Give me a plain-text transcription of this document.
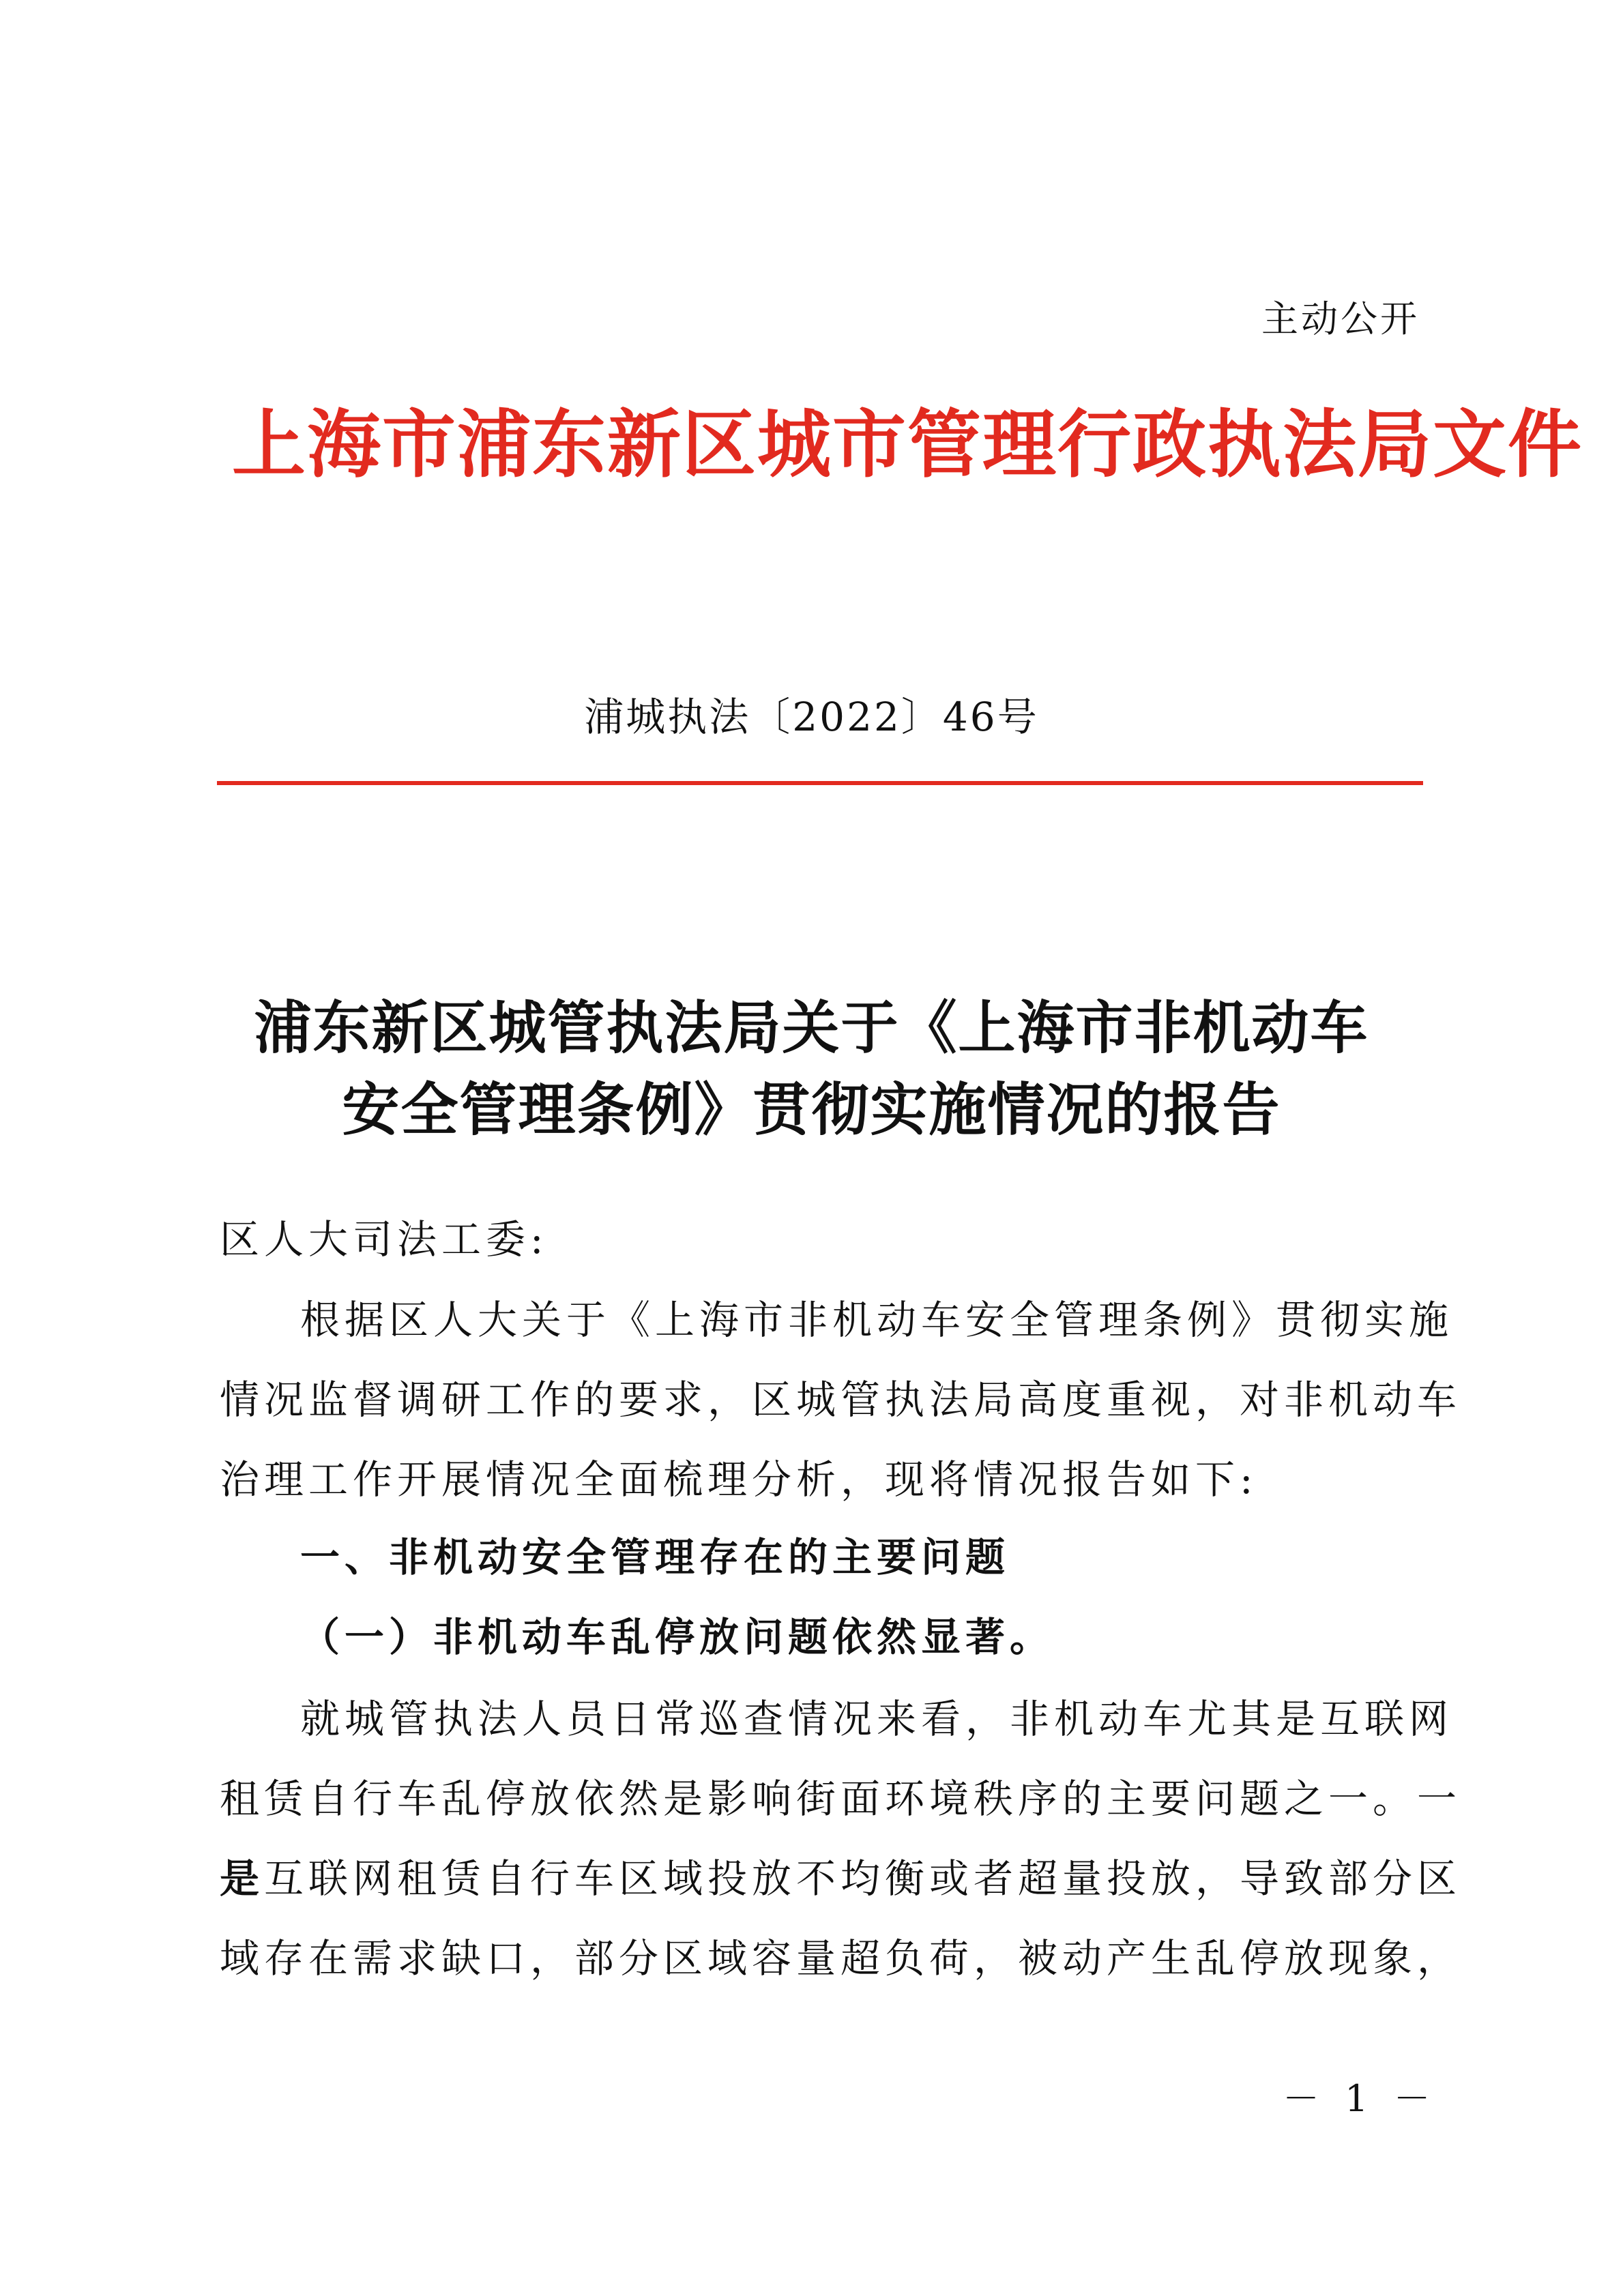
主动公开
上海市浦东新区城市管理行政执法局文件
浦城执法〔2022〕46号
浦东新区城管执法局关于《上海市非机动车
安全管理条例》贯彻实施情况的报告
区人大司法工委:
根据区人大关于《上海市非机动车安全管理条例》贯彻实施
情况监督调研工作的要求，区城管执法局高度重视，对非机动车
治理工作开展情况全面梳理分析，现将情况报告如下:
一、非机动安全管理存在的主要问题
（一）非机动车乱停放问题依然显著。
就城管执法人员日常巡查情况来看，非机动车尤其是互联网
租赁自行车乱停放依然是影响街面环境秩序的主要问题之一。一
是互联网租赁自行车区域投放不均衡或者超量投放，导致部分区
域存在需求缺口，部分区域容量超负荷，被动产生乱停放现象，
－ 1 －
